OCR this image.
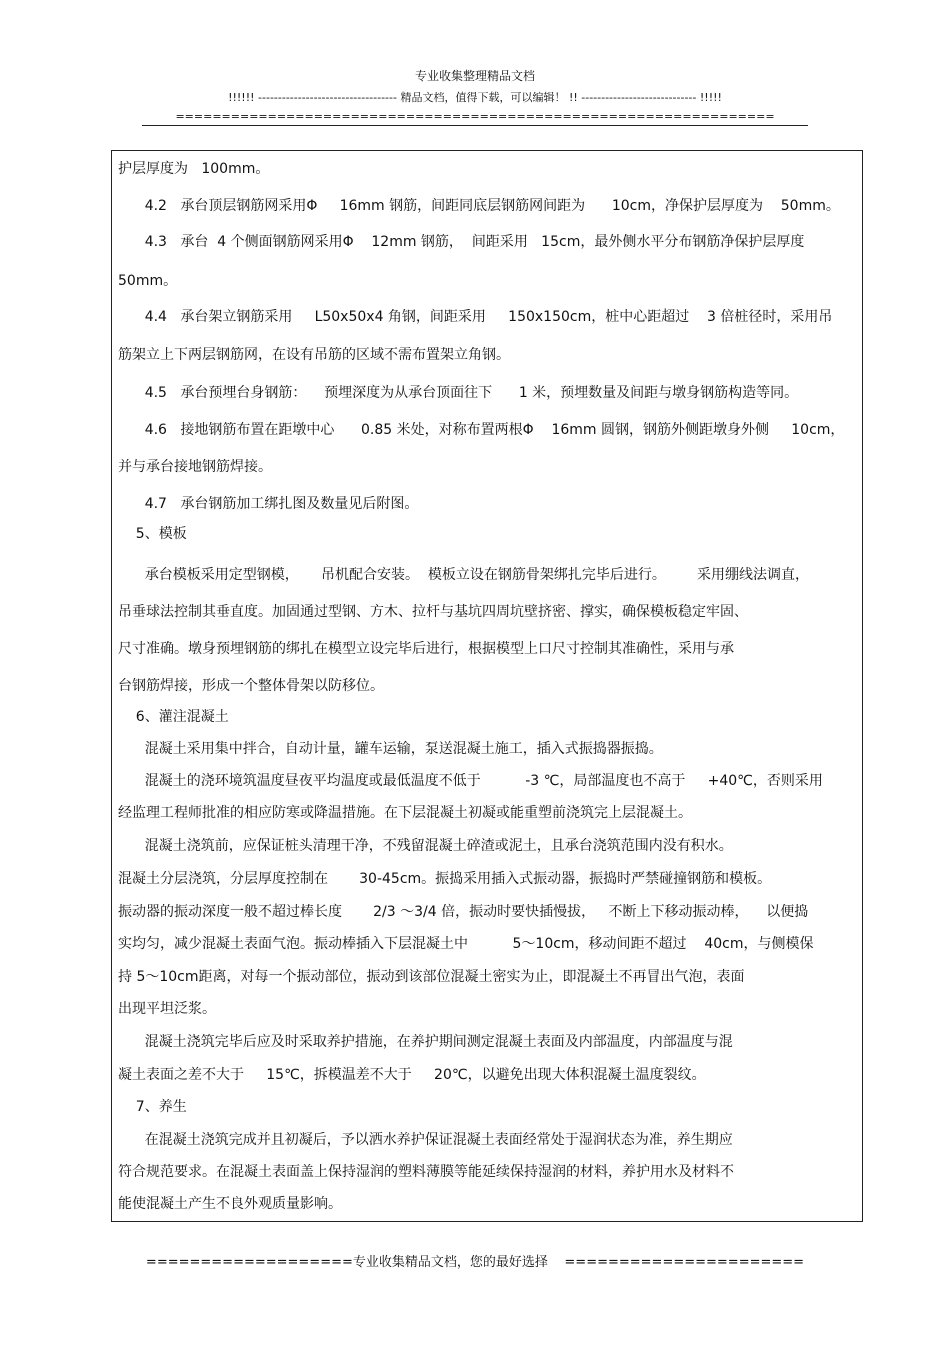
专业收集整理精品文档
!!!!!! ----------------------------------- 精品文档，值得下载，可以编辑！ !! ----------------------------- !!!!!
=================================================================
护层厚度为   100mm。
4.2   承台顶层钢筋网采用Φ     16mm 钢筋，间距同底层钢筋网间距为      10cm，净保护层厚度为    50mm。
4.3   承台  4 个侧面钢筋网采用Φ    12mm 钢筋，  间距采用   15cm，最外侧水平分布钢筋净保护层厚度
50mm。
4.4   承台架立钢筋采用     L50x50x4 角钢，间距采用     150x150cm，桩中心距超过    3 倍桩径时，采用吊
筋架立上下两层钢筋网，在设有吊筋的区域不需布置架立角钢。
4.5   承台预埋台身钢筋：    预埋深度为从承台顶面往下      1 米，预埋数量及间距与墩身钢筋构造等同。
4.6   接地钢筋布置在距墩中心      0.85 米处，对称布置两根Φ    16mm 圆钢，钢筋外侧距墩身外侧     10cm，
并与承台接地钢筋焊接。
4.7   承台钢筋加工绑扎图及数量见后附图。
5、模板
承台模板采用定型钢模，     吊机配合安装。  模板立设在钢筋骨架绑扎完毕后进行。       采用绷线法调直，
吊垂球法控制其垂直度。加固通过型钢、方木、拉杆与基坑四周坑壁挤密、撑实，确保模板稳定牢固、
尺寸准确。墩身预埋钢筋的绑扎在模型立设完毕后进行，根据模型上口尺寸控制其准确性，采用与承
台钢筋焊接，形成一个整体骨架以防移位。
6、灌注混凝土
混凝土采用集中拌合，自动计量，罐车运输，泵送混凝土施工，插入式振捣器振捣。
混凝土的浇环境筑温度昼夜平均温度或最低温度不低于          -3 ℃，局部温度也不高于     +40℃，否则采用
经监理工程师批准的相应防寒或降温措施。在下层混凝土初凝或能重塑前浇筑完上层混凝土。
混凝土浇筑前，应保证桩头清理干净，不残留混凝土碎渣或泥土，且承台浇筑范围内没有积水。
混凝土分层浇筑，分层厚度控制在       30-45cm。振捣采用插入式振动器，振捣时严禁碰撞钢筋和模板。
振动器的振动深度一般不超过棒长度       2/3 ～3/4 倍，振动时要快插慢拔，   不断上下移动振动棒，    以便捣
实均匀，减少混凝土表面气泡。振动棒插入下层混凝土中          5～10cm，移动间距不超过    40cm，与侧模保
持 5～10cm距离，对每一个振动部位，振动到该部位混凝土密实为止，即混凝土不再冒出气泡，表面
出现平坦泛浆。
混凝土浇筑完毕后应及时采取养护措施，在养护期间测定混凝土表面及内部温度，内部温度与混
凝土表面之差不大于     15℃，拆模温差不大于     20℃，以避免出现大体积混凝土温度裂纹。
7、养生
在混凝土浇筑完成并且初凝后，予以洒水养护保证混凝土表面经常处于湿润状态为准，养生期应
符合规范要求。在混凝土表面盖上保持湿润的塑料薄膜等能延续保持湿润的材料，养护用水及材料不
能使混凝土产生不良外观质量影响。
===================专业收集精品文档，您的最好选择    ======================
